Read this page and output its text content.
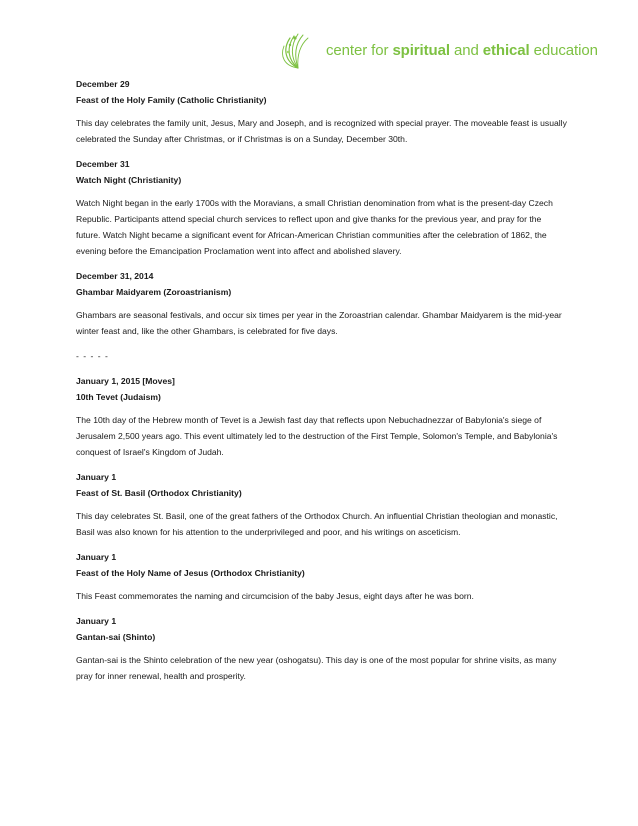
center for spiritual and ethical education
December 29
Feast of the Holy Family (Catholic Christianity)
This day celebrates the family unit, Jesus, Mary and Joseph, and is recognized with special prayer. The moveable feast is usually celebrated the Sunday after Christmas, or if Christmas is on a Sunday, December 30th.
December 31
Watch Night (Christianity)
Watch Night began in the early 1700s with the Moravians, a small Christian denomination from what is the present-day Czech Republic. Participants attend special church services to reflect upon and give thanks for the previous year, and pray for the future. Watch Night became a significant event for African-American Christian communities after the celebration of 1862, the evening before the Emancipation Proclamation went into affect and abolished slavery.
December 31, 2014
Ghambar Maidyarem (Zoroastrianism)
Ghambars are seasonal festivals, and occur six times per year in the Zoroastrian calendar. Ghambar Maidyarem is the mid-year winter feast and, like the other Ghambars, is celebrated for five days.
- - - - -
January 1, 2015 [Moves]
10th Tevet (Judaism)
The 10th day of the Hebrew month of Tevet is a Jewish fast day that reflects upon Nebuchadnezzar of Babylonia's siege of Jerusalem 2,500 years ago. This event ultimately led to the destruction of the First Temple, Solomon's Temple, and Babylonia's conquest of Israel's Kingdom of Judah.
January 1
Feast of St. Basil (Orthodox Christianity)
This day celebrates St. Basil, one of the great fathers of the Orthodox Church. An influential Christian theologian and monastic, Basil was also known for his attention to the underprivileged and poor, and his writings on asceticism.
January 1
Feast of the Holy Name of Jesus (Orthodox Christianity)
This Feast commemorates the naming and circumcision of the baby Jesus, eight days after he was born.
January 1
Gantan-sai (Shinto)
Gantan-sai is the Shinto celebration of the new year (oshogatsu). This day is one of the most popular for shrine visits, as many pray for inner renewal, health and prosperity.
